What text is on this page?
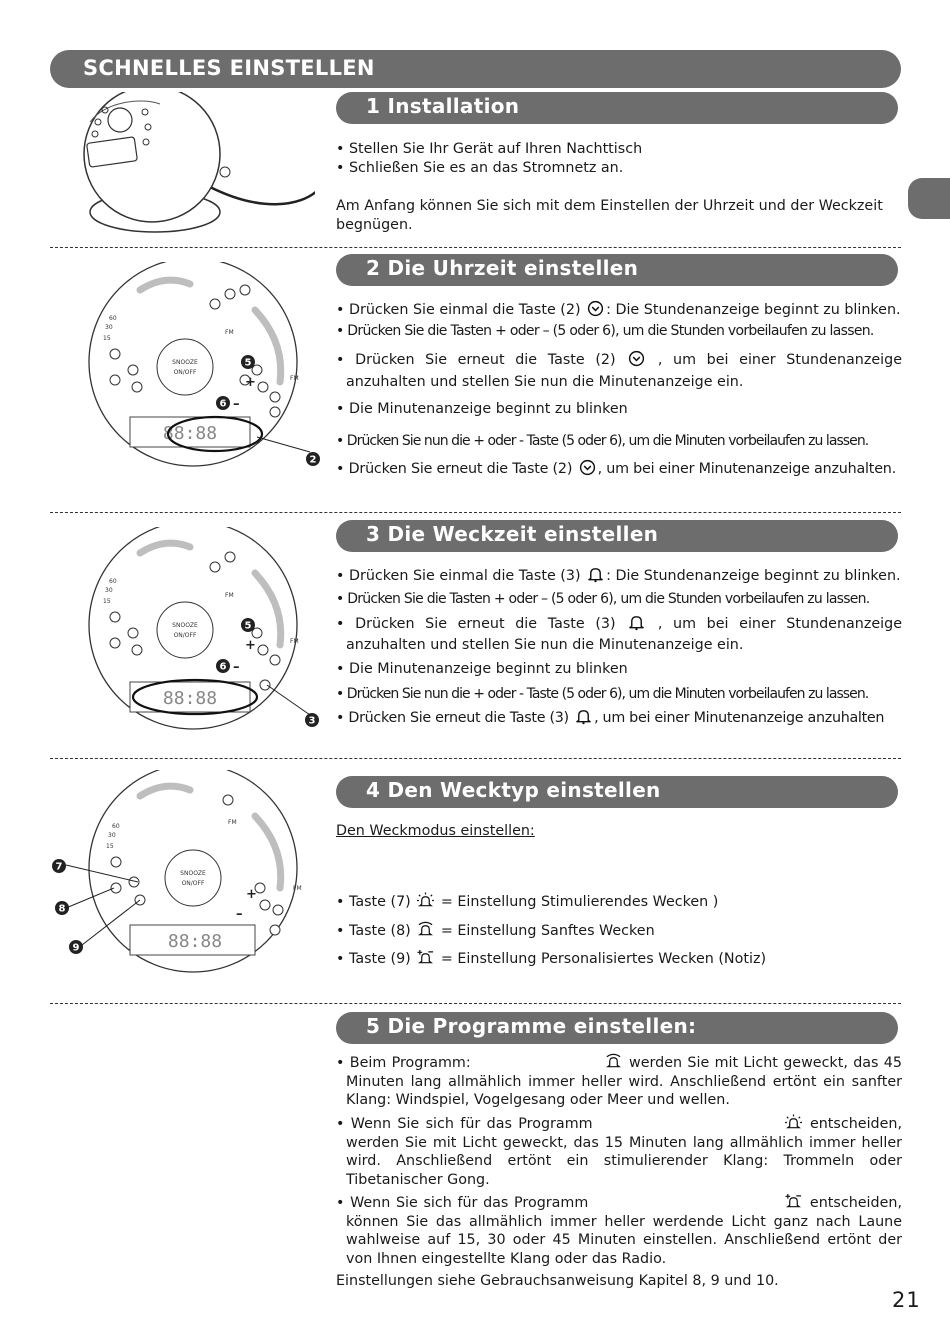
SCHNELLES EINSTELLEN
1 Installation
• Stellen Sie Ihr Gerät auf Ihren Nachttisch
• Schließen Sie es an das Stromnetz an.
Am Anfang können Sie sich mit dem Einstellen der Uhrzeit und der Weckzeit begnügen.
2 Die Uhrzeit einstellen
SNOOZE
ON/OFF
60
30
15
FM
FM
+
–
88:88
5
6
2
• Drücken Sie einmal die Taste (2) : Die Stundenanzeige beginnt zu blinken.
• Drücken Sie die Tasten + oder – (5 oder 6), um die Stunden vorbeilaufen zu lassen.
• Drücken Sie erneut die Taste (2)	, um bei einer Stundenanzeige anzuhalten und stellen Sie nun die Minutenanzeige ein.
• Die Minutenanzeige beginnt zu blinken
• Drücken Sie nun die + oder - Taste (5 oder 6), um die Minuten vorbeilaufen zu lassen.
• Drücken Sie erneut die Taste (2) , um bei einer Minutenanzeige anzuhalten.
3 Die Weckzeit einstellen
SNOOZE
ON/OFF
60
30
15
FM
FM
+
–
88:88
5
6
3
• Drücken Sie einmal die Taste (3) : Die Stundenanzeige beginnt zu blinken.
• Drücken Sie die Tasten + oder – (5 oder 6), um die Stunden vorbeilaufen zu lassen.
• Drücken Sie erneut die Taste (3)	, um bei einer Stundenanzeige anzuhalten und stellen Sie nun die Minutenanzeige ein.
• Die Minutenanzeige beginnt zu blinken
• Drücken Sie nun die + oder - Taste (5 oder 6), um die Minuten vorbeilaufen zu lassen.
• Drücken Sie erneut die Taste (3) , um bei einer Minutenanzeige anzuhalten
4 Den Wecktyp einstellen
SNOOZE
ON/OFF
60
30
15
FM
FM
+
–
88:88
7
8
9
Den Weckmodus einstellen:
• Taste (7) = Einstellung Stimulierendes Wecken )
• Taste (8) = Einstellung Sanftes Wecken
• Taste (9) = Einstellung Personalisiertes Wecken (Notiz)
5 Die Programme einstellen:
• Beim Programm:	werden Sie mit Licht geweckt, das 45 Minuten lang allmählich immer heller wird. Anschließend ertönt ein sanfter Klang: Windspiel, Vogelgesang oder Meer und wellen.
• Wenn Sie sich für das Programm	entscheiden, werden Sie mit Licht geweckt, das 15 Minuten lang allmählich immer heller wird. Anschließend ertönt ein stimulierender Klang: Trommeln oder Tibetanischer Gong.
• Wenn Sie sich für das Programm	entscheiden, können Sie das allmählich immer heller werdende Licht ganz nach Laune wahlweise auf 15, 30 oder 45 Minuten einstellen. Anschließend ertönt der von Ihnen eingestellte Klang oder das Radio.
Einstellungen siehe Gebrauchsanweisung Kapitel 8, 9 und 10.
21
